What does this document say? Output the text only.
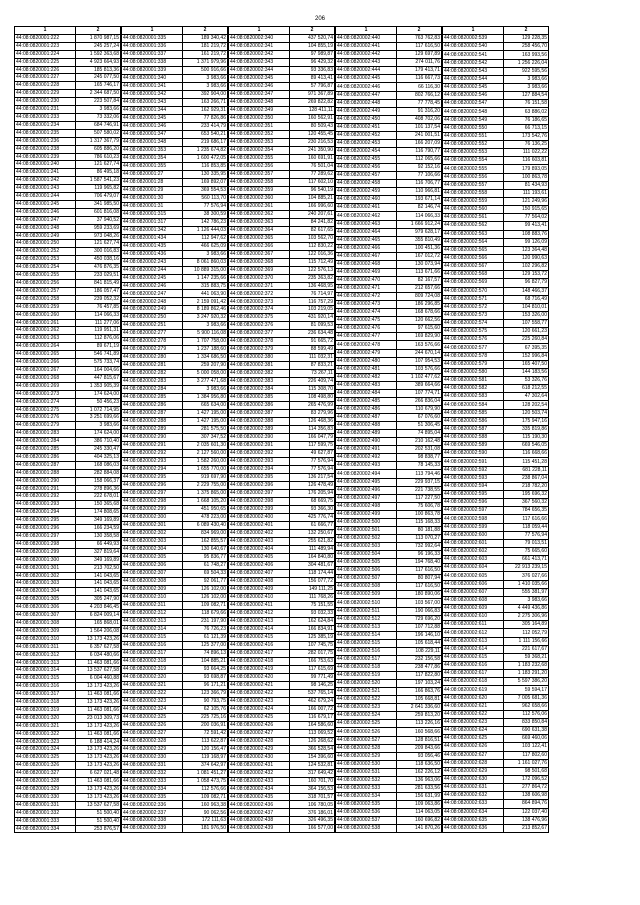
206
1	2
44:08:0820001:222	1 870 987,15
44:08:0820001:223	245 257,24
44:08:0820001:224	1 592 363,68
44:08:0820001:225	4 923 664,93
44:08:0820001:226	185 813,36
44:08:0820001:227	245 077,50
44:08:0820001:228	165 746,17
44:08:0820001:229	2 344 687,50
44:08:0820001:230	223 507,84
44:08:0820001:231	3 983,66
44:08:0820001:233	73 332,06
44:08:0820001:234	684 746,91
44:08:0820001:235	507 580,02
44:08:0820001:236	1 317 367,79
44:08:0820001:238	605 886,20
44:08:0820001:239	786 610,23
44:08:0820001:240	121 627,74
44:08:0820001:241	86 495,18
44:08:0820001:242	1 587 541,23
44:08:0820001:243	119 965,82
44:08:0820001:244	706 479,07
44:08:0820001:245	341 985,50
44:08:0820001:246	601 816,08
44:08:0820001:247	37 940,52
44:08:0820001:248	959 233,69
44:08:0820001:249	973 048,26
44:08:0820001:250	121 627,74
44:08:0820001:252	300 016,83
44:08:0820001:253	450 038,16
44:08:0820001:254	476 876,35
44:08:0820001:255	233 029,51
44:08:0820001:256	841 815,49
44:08:0820001:257	186 057,47
44:08:0820001:258	239 052,32
44:08:0820001:259	76 457,85
44:08:0820001:260	114 066,33
44:08:0820001:261	111 277,06
44:08:0820001:262	119 951,31
44:08:0820001:263	112 876,06
44:08:0820001:264	89 671,19
44:08:0820001:265	546 741,89
44:08:0820001:266	575 733,74
44:08:0820001:267	164 004,66
44:08:0820001:268	447 815,67
44:08:0820001:269	1 353 905,39
44:08:0820001:273	174 624,00
44:08:0820001:274	50 456,23
44:08:0820001:275	1 072 714,95
44:08:0820001:276	3 251 699,66
44:08:0820001:279	3 983,66
44:08:0820001:283	174 624,00
44:08:0820001:284	386 710,40
44:08:0820001:285	245 330,47
44:08:0820001:286	404 325,13
44:08:0820001:287	168 086,03
44:08:0820001:288	282 884,08
44:08:0820001:290	158 066,37
44:08:0820001:291	278 896,36
44:08:0820001:292	222 678,01
44:08:0820001:293	150 365,68
44:08:0820001:294	174 808,65
44:08:0820001:295	349 169,89
44:08:0820001:296	166 234,59
44:08:0820001:297	130 358,58
44:08:0820001:298	66 449,93
44:08:0820001:299	327 819,64
44:08:0820001:300	349 169,89
44:08:0820001:301	213 702,50
44:08:0820001:302	141 043,65
44:08:0820001:303	141 043,65
44:08:0820001:304	141 043,65
44:08:0820001:305	305 247,90
44:08:0820001:306	4 203 846,45
44:08:0820001:307	6 824 009,14
44:08:0820001:308	165 868,01
44:08:0820001:309	1 564 206,08
44:08:0820001:310	13 173 423,26
44:08:0820001:311	6 357 627,58
44:08:0820001:312	6 034 480,66
44:08:0820001:313	11 463 081,66
44:08:0820001:314	13 537 627,58
44:08:0820001:315	6 004 460,88
44:08:0820001:316	13 173 423,26
44:08:0820001:317	11 463 081,66
44:08:0820001:318	13 173 423,26
44:08:0820001:319	11 463 081,66
44:08:0820001:320	23 013 309,73
44:08:0820001:321	13 173 423,26
44:08:0820001:322	11 463 081,66
44:08:0820001:323	6 188 414,24
44:08:0820001:324	13 173 423,26
44:08:0820001:325	13 173 423,26
44:08:0820001:326	13 173 423,26
44:08:0820001:327	6 627 021,48
44:08:0820001:328	11 463 081,66
44:08:0820001:329	13 173 423,26
44:08:0820001:330	13 173 423,26
44:08:0820001:331	13 537 627,58
44:08:0820001:332	51 500,40
44:08:0820001:333	51 500,40
44:08:0820001:334	253 876,57
1	2
44:08:0820001:335	189 340,42
44:08:0820001:336	181 219,72
44:08:0820001:337	161 219,72
44:08:0820001:338	1 371 979,96
44:08:0820001:339	500 916,66
44:08:0820001:340	3 983,66
44:08:0820001:341	3 983,66
44:08:0820001:342	392 904,00
44:08:0820001:343	163 266,71
44:08:0820001:344	162 929,31
44:08:0820001:345	77 826,86
44:08:0820001:346	233 414,79
44:08:0820001:347	653 540,21
44:08:0820001:348	219 686,17
44:08:0820001:353	1 235 674,82
44:08:0820001:354	1 600 472,05
44:08:0820001:355	116 853,85
44:08:0820001:27	130 335,95
44:08:0820001:28	169 892,07
44:08:0820001:29	369 554,53
44:08:0820001:30	560 113,70
44:08:0820001:31	77 576,94
44:08:0820001:315	38 300,59
44:08:0820001:317	142 786,23
44:08:0820001:342	1 126 444,03
44:08:0820001:434	112 947,62
44:08:0820001:435	466 625,09
44:08:0820001:436	3 983,66
44:08:0820002:243	8 061 860,03
44:08:0820002:244	10 889 315,00
44:08:0820002:245	1 147 235,66
44:08:0820002:246	315 883,75
44:08:0820002:247	441 063,90
44:08:0820002:248	2 159 091,42
44:08:0820002:249	8 189 862,46
44:08:0820002:250	3 247 920,32
44:08:0820002:251	3 983,66
44:08:0820002:277	5 900 116,08
44:08:0820002:278	1 707 758,00
44:08:0820002:279	1 237 188,60
44:08:0820002:280	1 334 686,50
44:08:0820002:281	259 207,90
44:08:0820002:282	5 000 058,00
44:08:0820002:283	3 277 471,68
44:08:0820002:284	3 983,66
44:08:0820002:285	1 384 956,80
44:08:0820002:286	665 634,00
44:08:0820002:287	1 427 195,00
44:08:0820002:288	1 427 195,00
44:08:0820002:289	281 575,50
44:08:0820002:290	307 347,52
44:08:0820002:291	2 035 601,30
44:08:0820002:292	2 127 560,00
44:08:0820002:293	1 582 260,00
44:08:0820002:294	1 655 770,00
44:08:0820002:295	919 697,90
44:08:0820002:296	2 229 755,00
44:08:0820002:297	1 375 865,00
44:08:0820002:298	1 668 105,20
44:08:0820002:299	451 950,65
44:08:0820002:300	478 223,00
44:08:0820002:301	6 089 430,40
44:08:0820002:302	834 969,00
44:08:0820002:303	162 855,57
44:08:0820002:304	130 640,67
44:08:0820002:305	95 836,77
44:08:0820002:306	61 748,27
44:08:0820002:307	69 504,33
44:08:0820002:308	92 061,77
44:08:0820002:309	126 102,00
44:08:0820002:310	126 102,00
44:08:0820002:311	109 082,71
44:08:0820002:312	118 679,66
44:08:0820002:313	231 197,90
44:08:0820002:314	76 726,23
44:08:0820002:315	61 121,39
44:08:0820002:316	125 377,00
44:08:0820002:317	74 896,13
44:08:0820002:318	104 885,21
44:08:0820002:319	93 664,25
44:08:0820002:320	93 698,87
44:08:0820002:321	96 171,21
44:08:0820002:322	123 366,79
44:08:0820002:323	90 793,75
44:08:0820002:324	62 105,76
44:08:0820002:325	225 725,16
44:08:0820002:326	200 036,91
44:08:0820002:327	72 591,42
44:08:0820002:328	113 622,87
44:08:0820002:329	120 156,47
44:08:0820002:330	119 168,97
44:08:0820002:331	374 642,97
44:08:0820002:332	1 081 451,27
44:08:0820002:333	1 058 473,75
44:08:0820002:334	112 576,66
44:08:0820002:335	109 082,71
44:08:0820002:336	160 963,38
44:08:0820002:337	90 062,56
44:08:0820002:338	172 111,63
44:08:0820002:339	181 976,50
1	2
44:08:0820002:340	437 520,74
44:08:0820002:341	104 855,19
44:08:0820002:342	97 989,87
44:08:0820002:343	96 429,32
44:08:0820002:344	93 336,83
44:08:0820002:345	89 413,41
44:08:0820002:346	57 796,87
44:08:0820002:347	971 367,89
44:08:0820002:348	269 822,82
44:08:0820002:349	128 411,11
44:08:0820002:350	160 562,91
44:08:0820002:351	80 509,43
44:08:0820002:352	120 455,45
44:08:0820002:353	230 216,53
44:08:0820002:354	241 350,90
44:08:0820002:355	160 691,91
44:08:0820002:356	76 501,04
44:08:0820002:357	77 289,62
44:08:0820002:358	117 602,10
44:08:0820002:359	96 540,19
44:08:0820002:360	104 885,21
44:08:0820002:361	166 996,60
44:08:0820002:362	240 207,61
44:08:0820002:363	84 241,82
44:08:0820002:364	82 617,65
44:08:0820002:365	103 562,70
44:08:0820002:366	112 830,22
44:08:0820002:367	122 016,36
44:08:0820002:368	115 712,49
44:08:0820002:369	122 576,13
44:08:0820002:370	235 363,82
44:08:0820002:371	136 468,95
44:08:0820002:372	76 714,97
44:08:0820002:373	116 757,29
44:08:0820002:374	103 219,05
44:08:0820002:375	431 920,14
44:08:0820002:376	81 099,53
44:08:0820002:377	236 634,48
44:08:0820002:378	91 665,72
44:08:0820002:379	88 599,49
44:08:0820002:380	111 032,31
44:08:0820002:381	87 833,21
44:08:0820002:382	73 267,11
44:08:0820002:383	226 409,74
44:08:0820002:384	115 308,70
44:08:0820002:385	108 498,80
44:08:0820002:386	265 476,99
44:08:0820002:387	83 279,96
44:08:0820002:388	126 468,36
44:08:0820002:389	114 356,83
44:08:0820002:390	166 047,79
44:08:0820002:391	117 599,75
44:08:0820002:392	49 627,87
44:08:0820002:393	77 576,94
44:08:0820002:394	77 576,94
44:08:0820002:395	136 217,54
44:08:0820002:396	126 478,49
44:08:0820002:397	176 205,94
44:08:0820002:398	68 669,75
44:08:0820002:399	93 366,30
44:08:0820002:400	425 776,74
44:08:0820002:401	61 666,77
44:08:0820002:402	132 250,67
44:08:0820002:403	255 621,82
44:08:0820002:404	111 489,94
44:08:0820002:405	164 840,80
44:08:0820002:406	304 481,67
44:08:0820002:407	118 174,44
44:08:0820002:408	156 077,72
44:08:0820002:409	149 111,25
44:08:0820002:410	111 768,26
44:08:0820002:411	75 151,55
44:08:0820002:412	93 032,33
44:08:0820002:413	162 624,84
44:08:0820002:414	166 834,91
44:08:0820002:415	125 385,19
44:08:0820002:416	107 745,75
44:08:0820002:417	282 017,75
44:08:0820002:418	166 753,63
44:08:0820002:419	117 615,69
44:08:0820002:420	99 771,49
44:08:0820002:421	98 146,25
44:08:0820002:422	537 765,14
44:08:0820002:423	462 679,24
44:08:0820002:424	166 007,72
44:08:0820002:425	116 679,17
44:08:0820002:426	164 586,60
44:08:0820002:427	113 069,52
44:08:0820002:428	126 268,62
44:08:0820002:429	366 528,54
44:08:0820002:430	154 396,60
44:08:0820002:431	124 532,81
44:08:0820002:432	317 649,42
44:08:0820002:433	160 701,70
44:08:0820002:434	364 156,53
44:08:0820002:435	318 701,57
44:08:0820002:436	106 780,05
44:08:0820002:437	376 186,01
44:08:0820002:438	326 496,35
44:08:0820002:439	166 577,00
1	2
44:08:0820002:440	763 762,83
44:08:0820002:441	117 616,50
44:08:0820002:442	129 697,89
44:08:0820002:443	274 011,76
44:08:0820002:444	179 413,71
44:08:0820002:445	116 667,73
44:08:0820002:446	66 116,30
44:08:0820002:447	802 766,12
44:08:0820002:448	77 778,45
44:08:0820002:449	91 316,20
44:08:0820002:450	408 702,06
44:08:0820002:451	101 137,54
44:08:0820002:452	241 001,51
44:08:0820002:453	166 207,09
44:08:0820002:454	116 790,77
44:08:0820002:455	112 065,66
44:08:0820002:456	92 152,16
44:08:0820002:457	77 106,66
44:08:0820002:458	116 706,77
44:08:0820002:459	110 966,81
44:08:0820002:460	193 671,14
44:08:0820002:461	82 146,74
44:08:0820002:462	114 066,33
44:08:0820002:463	1 666 912,24
44:08:0820002:464	979 628,17
44:08:0820002:465	355 810,49
44:08:0820002:466	100 451,36
44:08:0820002:467	167 012,72
44:08:0820002:468	130 073,94
44:08:0820002:469	113 671,66
44:08:0820002:470	82 167,57
44:08:0820002:471	212 657,66
44:08:0820002:472	809 724,08
44:08:0820002:473	186 296,85
44:08:0820002:474	168 678,66
44:08:0820002:475	120 662,56
44:08:0820002:476	97 615,60
44:08:0820002:477	169 829,90
44:08:0820002:478	163 576,66
44:08:0820002:479	244 670,14
44:08:0820002:480	107 954,53
44:08:0820002:481	103 576,66
44:08:0820002:482	1 102 477,62
44:08:0820002:483	389 664,66
44:08:0820002:484	107 774,71
44:08:0820002:485	266 836,04
44:08:0820002:486	110 679,90
44:08:0820002:487	67 076,60
44:08:0820002:488	51 306,45
44:08:0820002:489	74 895,04
44:08:0820002:490	210 162,48
44:08:0820002:491	202 531,08
44:08:0820002:492	98 838,77
44:08:0820002:493	78 145,33
44:08:0820002:494	113 794,46
44:08:0820002:495	229 937,15
44:08:0820002:496	221 738,55
44:08:0820002:497	117 227,50
44:08:0820002:498	75 606,78
44:08:0820002:499	100 863,78
44:08:0820002:500	115 168,33
44:08:0820002:501	80 181,88
44:08:0820002:502	113 070,27
44:08:0820002:503	732 992,64
44:08:0820002:504	96 196,33
44:08:0820002:505	194 768,40
44:08:0820002:506	117 616,50
44:08:0820002:507	80 807,94
44:08:0820002:508	117 616,50
44:08:0820002:509	180 890,06
44:08:0820002:510	103 567,00
44:08:0820002:511	190 066,83
44:08:0820002:512	729 696,20
44:08:0820002:513	107 712,88
44:08:0820002:514	196 146,10
44:08:0820002:515	105 618,44
44:08:0820002:516	108 229,11
44:08:0820002:517	232 156,58
44:08:0820002:518	238 477,86
44:08:0820002:519	117 822,80
44:08:0820002:520	197 103,24
44:08:0820002:521	166 863,76
44:08:0820002:522	105 668,81
44:08:0820002:523	2 641 336,60
44:08:0820002:524	259 813,20
44:08:0820002:525	113 226,16
44:08:0820002:526	160 568,66
44:08:0820002:527	128 816,51
44:08:0820002:528	209 843,66
44:08:0820002:529	93 056,46
44:08:0820002:530	118 636,50
44:08:0820002:531	162 226,12
44:08:0820002:532	136 963,06
44:08:0820002:533	281 633,56
44:08:0820002:534	156 631,99
44:08:0820002:535	109 063,86
44:08:0820002:536	114 063,05
44:08:0820002:537	160 696,82
44:08:0820002:538	141 870,26
1	2
44:08:0820002:539	129 228,35
44:08:0820002:540	258 456,70
44:08:0820002:541	163 993,56
44:08:0820002:542	1 256 226,04
44:08:0820002:543	922 595,56
44:08:0820002:544	3 983,66
44:08:0820002:545	3 983,66
44:08:0820002:546	127 884,54
44:08:0820002:547	76 151,58
44:08:0820002:548	63 886,02
44:08:0820002:549	76 186,65
44:08:0820002:550	66 713,15
44:08:0820002:551	173 542,76
44:08:0820002:552	76 136,25
44:08:0820002:553	111 022,22
44:08:0820002:554	116 603,81
44:08:0820002:555	179 893,05
44:08:0820002:556	100 863,78
44:08:0820002:557	81 434,93
44:08:0820002:558	111 193,61
44:08:0820002:559	121 249,96
44:08:0820002:560	150 915,65
44:08:0820002:561	77 564,02
44:08:0820002:562	99 413,41
44:08:0820002:563	108 883,76
44:08:0820002:564	99 126,09
44:08:0820002:565	123 364,48
44:08:0820002:566	120 990,63
44:08:0820002:567	102 296,82
44:08:0820002:568	129 153,72
44:08:0820002:569	96 827,79
44:08:0820002:570	148 466,37
44:08:0820002:571	68 716,49
44:08:0820002:572	104 810,01
44:08:0820002:573	153 326,00
44:08:0820002:574	107 558,77
44:08:0820002:575	120 661,23
44:08:0820002:576	225 260,84
44:08:0820002:577	67 395,35
44:08:0820002:578	152 996,84
44:08:0820002:579	165 407,50
44:08:0820002:580	144 183,56
44:08:0820002:581	53 326,76
44:08:0820002:582	618 212,55
44:08:0820002:583	47 302,64
44:08:0820002:584	128 202,54
44:08:0820002:585	120 503,74
44:08:0820002:586	175 947,16
44:08:0820002:587	335 819,86
44:08:0820002:588	115 190,30
44:08:0820002:589	669 546,05
44:08:0820002:590	116 668,66
44:08:0820002:591	115 451,28
44:08:0820002:592	681 228,11
44:08:0820002:593	238 867,04
44:08:0820002:594	218 782,20
44:08:0820002:595	195 696,32
44:08:0820002:596	367 560,32
44:08:0820002:597	784 656,35
44:08:0820002:598	117 616,66
44:08:0820002:599	118 059,44
44:08:0820002:600	77 576,94
44:08:0820002:601	79 013,51
44:08:0820002:602	75 665,60
44:08:0820002:603	661 413,71
44:08:0820002:604	22 913 239,15
44:08:0820002:605	376 027,66
44:08:0820002:606	1 410 035,66
44:08:0820002:607	555 381,97
44:08:0820002:608	3 983,66
44:08:0820002:609	4 449 436,86
44:08:0820002:610	2 275 306,96
44:08:0820002:611	305 164,89
44:08:0820002:612	112 052,79
44:08:0820002:613	1 111 156,66
44:08:0820002:614	221 617,67
44:08:0820002:615	59 368,21
44:08:0820002:616	1 183 232,68
44:08:0820002:617	1 183 291,20
44:08:0820002:618	5 597 386,20
44:08:0820002:619	59 594,17
44:08:0820002:620	7 005 681,36
44:08:0820002:621	962 658,66
44:08:0820002:622	112 576,06
44:08:0820002:623	833 850,84
44:08:0820002:624	690 631,38
44:08:0820002:625	669 460,06
44:08:0820002:626	103 122,41
44:08:0820002:627	117 802,60
44:08:0820002:628	1 161 027,76
44:08:0820002:629	98 501,68
44:08:0820002:630	172 096,52
44:08:0820002:631	277 864,72
44:08:0820002:632	138 606,98
44:08:0820002:633	864 894,76
44:08:0820002:634	122 037,40
44:08:0820002:635	138 476,96
44:08:0820002:636	213 852,67
